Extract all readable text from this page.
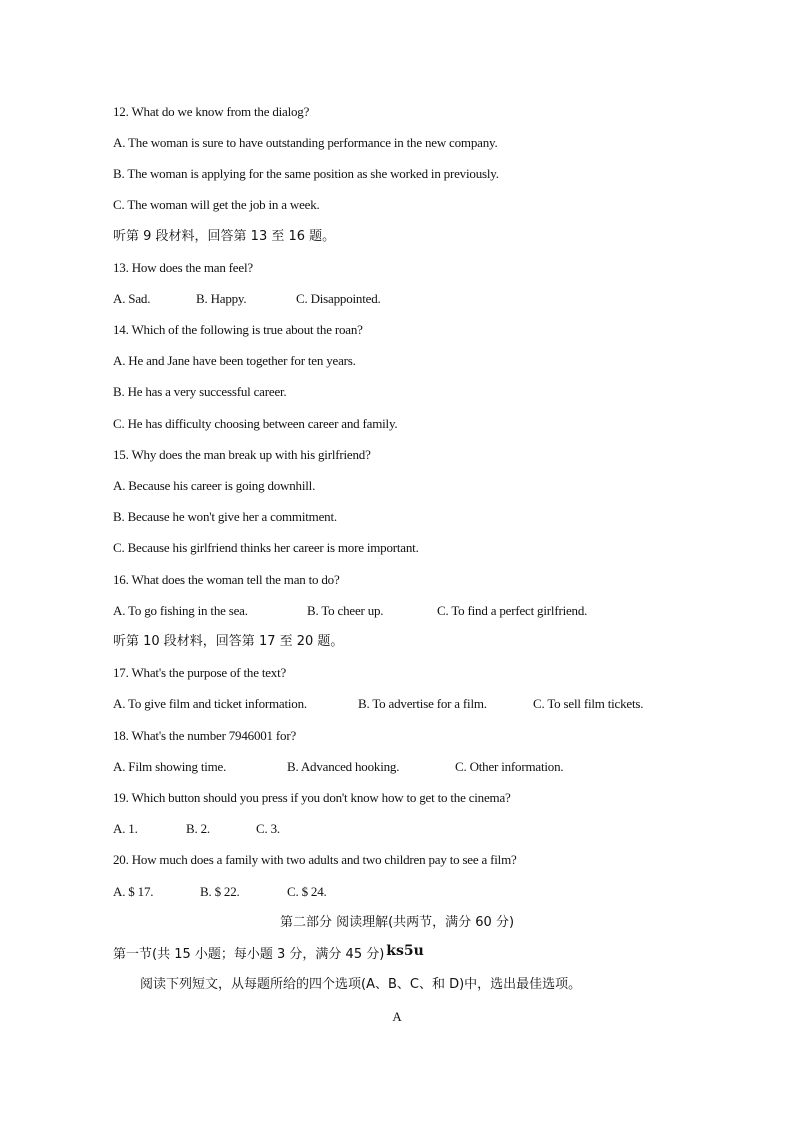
12. What do we know from the dialog?
A. The woman is sure to have outstanding performance in the new company.
B. The woman is applying for the same position as she worked in previously.
C. The woman will get the job in a week.
听第 9 段材料，回答第 13 至 16 题。
13. How does the man feel?
A. Sad.	B. Happy.	C. Disappointed.
14. Which of the following is true about the roan?
A. He and Jane have been together for ten years.
B. He has a very successful career.
C. He has difficulty choosing between career and family.
15. Why does the man break up with his girlfriend?
A. Because his career is going downhill.
B. Because he won't give her a commitment.
C. Because his girlfriend thinks her career is more important.
16. What does the woman tell the man to do?
A. To go fishing in the sea.	B. To cheer up.	C. To find a perfect girlfriend.
听第 10 段材料，回答第 17 至 20 题。
17. What's the purpose of the text?
A. To give film and ticket information.	B. To advertise for a film.	C. To sell film tickets.
18. What's the number 7946001 for?
A. Film showing time.	B. Advanced hooking.	C. Other information.
19. Which button should you press if you don't know how to get to the cinema?
A. 1.	B. 2.	C. 3.
20. How much does a family with two adults and two children pay to see a film?
A. $ 17.	B. $ 22.	C. $ 24.
第二部分 阅读理解(共两节，满分 60 分)
第一节(共 15 小题；每小题 3 分，满分 45 分) ks5u
阅读下列短文，从每题所给的四个选项(A、B、C、和 D)中，选出最佳选项。
A
